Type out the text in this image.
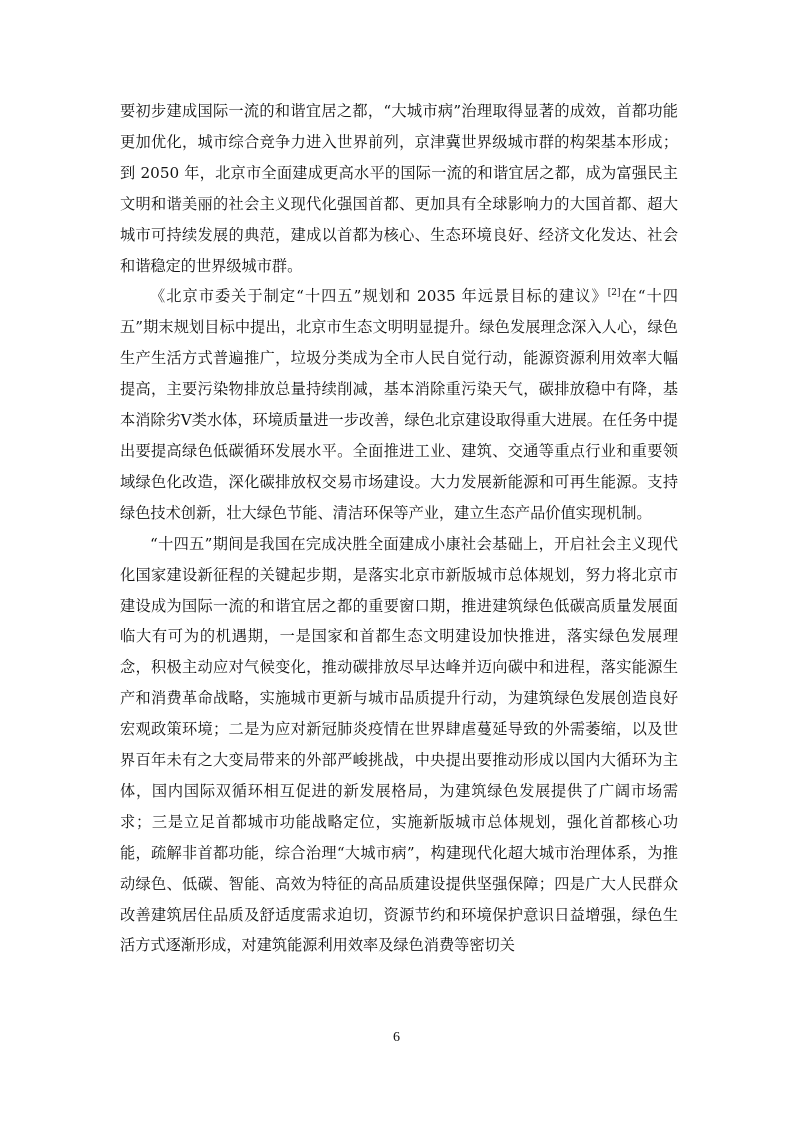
要初步建成国际一流的和谐宜居之都，“大城市病”治理取得显著的成效，首都功能更加优化，城市综合竞争力进入世界前列，京津冀世界级城市群的构架基本形成；到 2050 年，北京市全面建成更高水平的国际一流的和谐宜居之都，成为富强民主文明和谐美丽的社会主义现代化强国首都、更加具有全球影响力的大国首都、超大城市可持续发展的典范，建成以首都为核心、生态环境良好、经济文化发达、社会和谐稳定的世界级城市群。

《北京市委关于制定“十四五”规划和 2035 年远景目标的建议》[2]在“十四五”期末规划目标中提出，北京市生态文明明显提升。绿色发展理念深入人心，绿色生产生活方式普遍推广，垃圾分类成为全市人民自觉行动，能源资源利用效率大幅提高，主要污染物排放总量持续削减，基本消除重污染天气，碳排放稳中有降，基本消除劣Ⅴ类水体，环境质量进一步改善，绿色北京建设取得重大进展。在任务中提出要提高绿色低碳循环发展水平。全面推进工业、建筑、交通等重点行业和重要领域绿色化改造，深化碳排放权交易市场建设。大力发展新能源和可再生能源。支持绿色技术创新，壮大绿色节能、清洁环保等产业，建立生态产品价值实现机制。

“十四五”期间是我国在完成决胜全面建成小康社会基础上，开启社会主义现代化国家建设新征程的关键起步期，是落实北京市新版城市总体规划，努力将北京市建设成为国际一流的和谐宜居之都的重要窗口期，推进建筑绿色低碳高质量发展面临大有可为的机遇期，一是国家和首都生态文明建设加快推进，落实绿色发展理念，积极主动应对气候变化，推动碳排放尽早达峰并迈向碳中和进程，落实能源生产和消费革命战略，实施城市更新与城市品质提升行动，为建筑绿色发展创造良好宏观政策环境；二是为应对新冠肺炎疫情在世界肆虐蔓延导致的外需萎缩，以及世界百年未有之大变局带来的外部严峻挑战，中央提出要推动形成以国内大循环为主体，国内国际双循环相互促进的新发展格局，为建筑绿色发展提供了广阔市场需求；三是立足首都城市功能战略定位，实施新版城市总体规划，强化首都核心功能，疏解非首都功能，综合治理“大城市病”，构建现代化超大城市治理体系，为推动绿色、低碳、智能、高效为特征的高品质建设提供坚强保障；四是广大人民群众改善建筑居住品质及舒适度需求迫切，资源节约和环境保护意识日益增强，绿色生活方式逐渐形成，对建筑能源利用效率及绿色消费等密切关

6
